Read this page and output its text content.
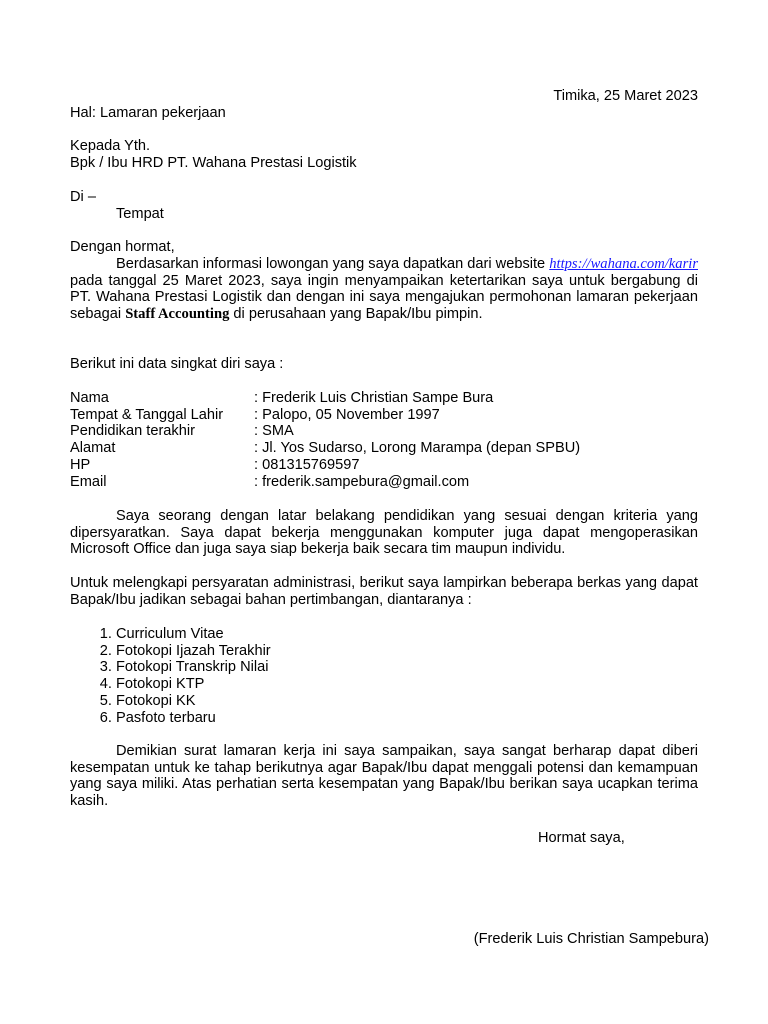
Timika, 25 Maret 2023
Hal: Lamaran pekerjaan
Kepada Yth.
Bpk / Ibu HRD PT. Wahana Prestasi Logistik
Di –
Tempat
Dengan hormat,
Berdasarkan informasi lowongan yang saya dapatkan dari website https://wahana.com/karir pada tanggal 25 Maret 2023, saya ingin menyampaikan ketertarikan saya untuk bergabung di PT. Wahana Prestasi Logistik dan dengan ini saya mengajukan permohonan lamaran pekerjaan sebagai Staff Accounting di perusahaan yang Bapak/Ibu pimpin.
Berikut ini data singkat diri saya :
Nama	: Frederik Luis Christian Sampe Bura
Tempat & Tanggal Lahir	: Palopo, 05 November 1997
Pendidikan terakhir	: SMA
Alamat	: Jl. Yos Sudarso, Lorong Marampa (depan SPBU)
HP	: 081315769597
Email	: frederik.sampebura@gmail.com
Saya seorang dengan latar belakang pendidikan yang sesuai dengan kriteria yang dipersyaratkan. Saya dapat bekerja menggunakan komputer juga dapat mengoperasikan Microsoft Office dan juga saya siap bekerja baik secara tim maupun individu.
Untuk melengkapi persyaratan administrasi, berikut saya lampirkan beberapa berkas yang dapat Bapak/Ibu jadikan sebagai bahan pertimbangan, diantaranya :
1. Curriculum Vitae
2. Fotokopi Ijazah Terakhir
3. Fotokopi Transkrip Nilai
4. Fotokopi KTP
5. Fotokopi KK
6. Pasfoto terbaru
Demikian surat lamaran kerja ini saya sampaikan, saya sangat berharap dapat diberi kesempatan untuk ke tahap berikutnya agar Bapak/Ibu dapat menggali potensi dan kemampuan yang saya miliki. Atas perhatian serta kesempatan yang Bapak/Ibu berikan saya ucapkan terima kasih.
Hormat saya,
(Frederik Luis Christian Sampebura)
